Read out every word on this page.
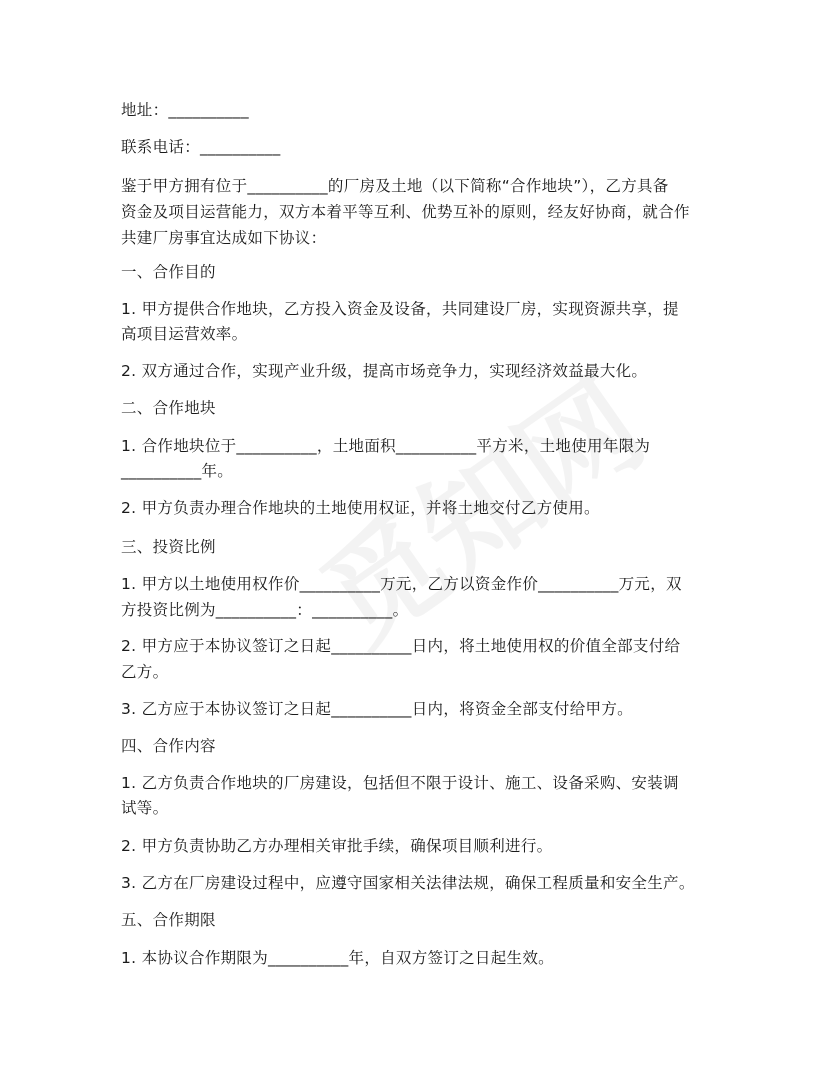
地址：__________

联系电话：__________

鉴于甲方拥有位于__________的厂房及土地（以下简称“合作地块”），乙方具备

资金及项目运营能力，双方本着平等互利、优势互补的原则，经友好协商，就合作

共建厂房事宜达成如下协议：

一、合作目的

1. 甲方提供合作地块，乙方投入资金及设备，共同建设厂房，实现资源共享，提

高项目运营效率。

2. 双方通过合作，实现产业升级，提高市场竞争力，实现经济效益最大化。

二、合作地块

1. 合作地块位于__________，土地面积__________平方米，土地使用年限为

__________年。

2. 甲方负责办理合作地块的土地使用权证，并将土地交付乙方使用。

三、投资比例

1. 甲方以土地使用权作价__________万元，乙方以资金作价__________万元，双

方投资比例为__________：__________。

2. 甲方应于本协议签订之日起__________日内，将土地使用权的价值全部支付给

乙方。

3. 乙方应于本协议签订之日起__________日内，将资金全部支付给甲方。

四、合作内容

1. 乙方负责合作地块的厂房建设，包括但不限于设计、施工、设备采购、安装调

试等。

2. 甲方负责协助乙方办理相关审批手续，确保项目顺利进行。

3. 乙方在厂房建设过程中，应遵守国家相关法律法规，确保工程质量和安全生产。

五、合作期限

1. 本协议合作期限为__________年，自双方签订之日起生效。
